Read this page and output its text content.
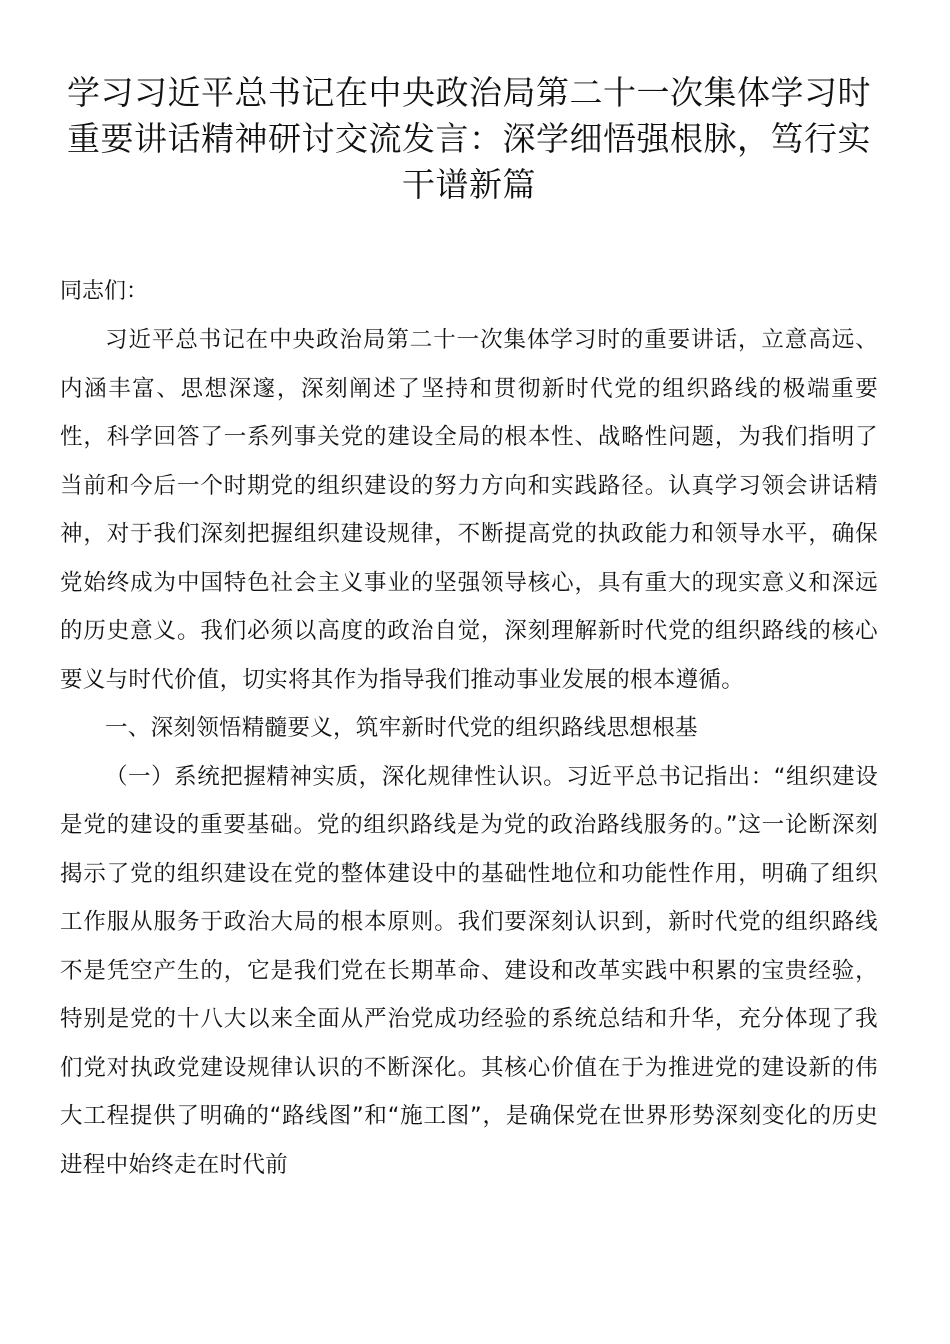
学习习近平总书记在中央政治局第二十一次集体学习时重要讲话精神研讨交流发言：深学细悟强根脉，笃行实干谱新篇

同志们：

习近平总书记在中央政治局第二十一次集体学习时的重要讲话，立意高远、内涵丰富、思想深邃，深刻阐述了坚持和贯彻新时代党的组织路线的极端重要性，科学回答了一系列事关党的建设全局的根本性、战略性问题，为我们指明了当前和今后一个时期党的组织建设的努力方向和实践路径。认真学习领会讲话精神，对于我们深刻把握组织建设规律，不断提高党的执政能力和领导水平，确保党始终成为中国特色社会主义事业的坚强领导核心，具有重大的现实意义和深远的历史意义。我们必须以高度的政治自觉，深刻理解新时代党的组织路线的核心要义与时代价值，切实将其作为指导我们推动事业发展的根本遵循。

一、深刻领悟精髓要义，筑牢新时代党的组织路线思想根基

（一）系统把握精神实质，深化规律性认识。习近平总书记指出：“组织建设是党的建设的重要基础。党的组织路线是为党的政治路线服务的。”这一论断深刻揭示了党的组织建设在党的整体建设中的基础性地位和功能性作用，明确了组织工作服从服务于政治大局的根本原则。我们要深刻认识到，新时代党的组织路线不是凭空产生的，它是我们党在长期革命、建设和改革实践中积累的宝贵经验，特别是党的十八大以来全面从严治党成功经验的系统总结和升华，充分体现了我们党对执政党建设规律认识的不断深化。其核心价值在于为推进党的建设新的伟大工程提供了明确的“路线图”和“施工图”，是确保党在世界形势深刻变化的历史进程中始终走在时代前
